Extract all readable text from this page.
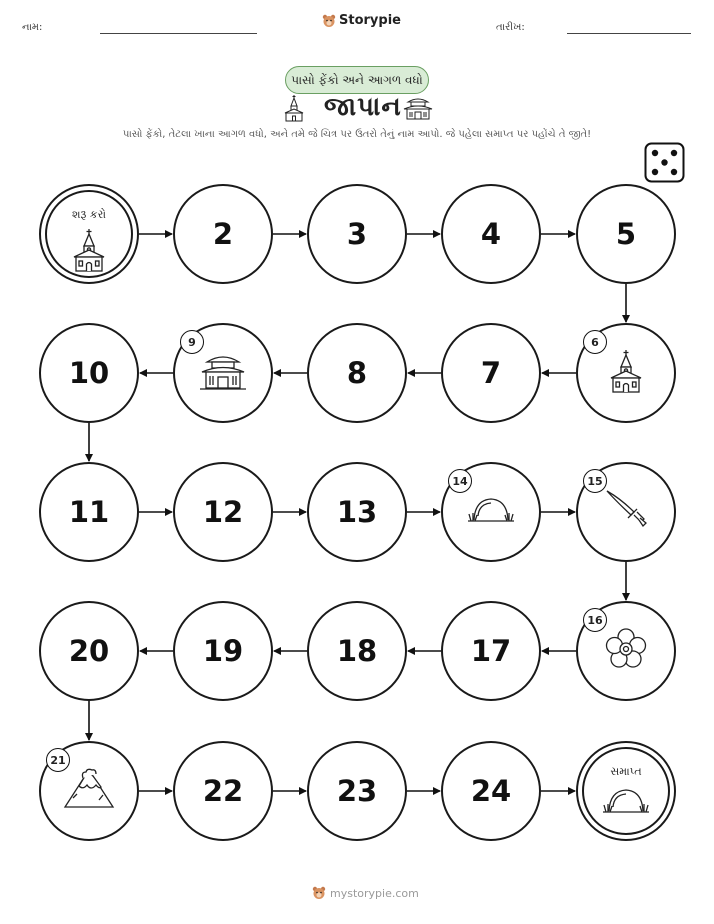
નામ:	Storypie	તારીખ:
પાસો ફેંકો અને આગળ વધો
જાપાન
પાસો ફેંકો, તેટલા ખાના આગળ વધો, અને તમે જે ચિત્ર પર ઉતરો તેનું નામ આપો. જે પહેલા સમાપ્ત પર પહોંચે તે જીતે!
શરૂ કરો
2	3	4	5
6
7
8
9
10
11	12	13
14	15
16
17
18
19
20
21
22	23	24
સમાપ્ત
mystorypie.com
